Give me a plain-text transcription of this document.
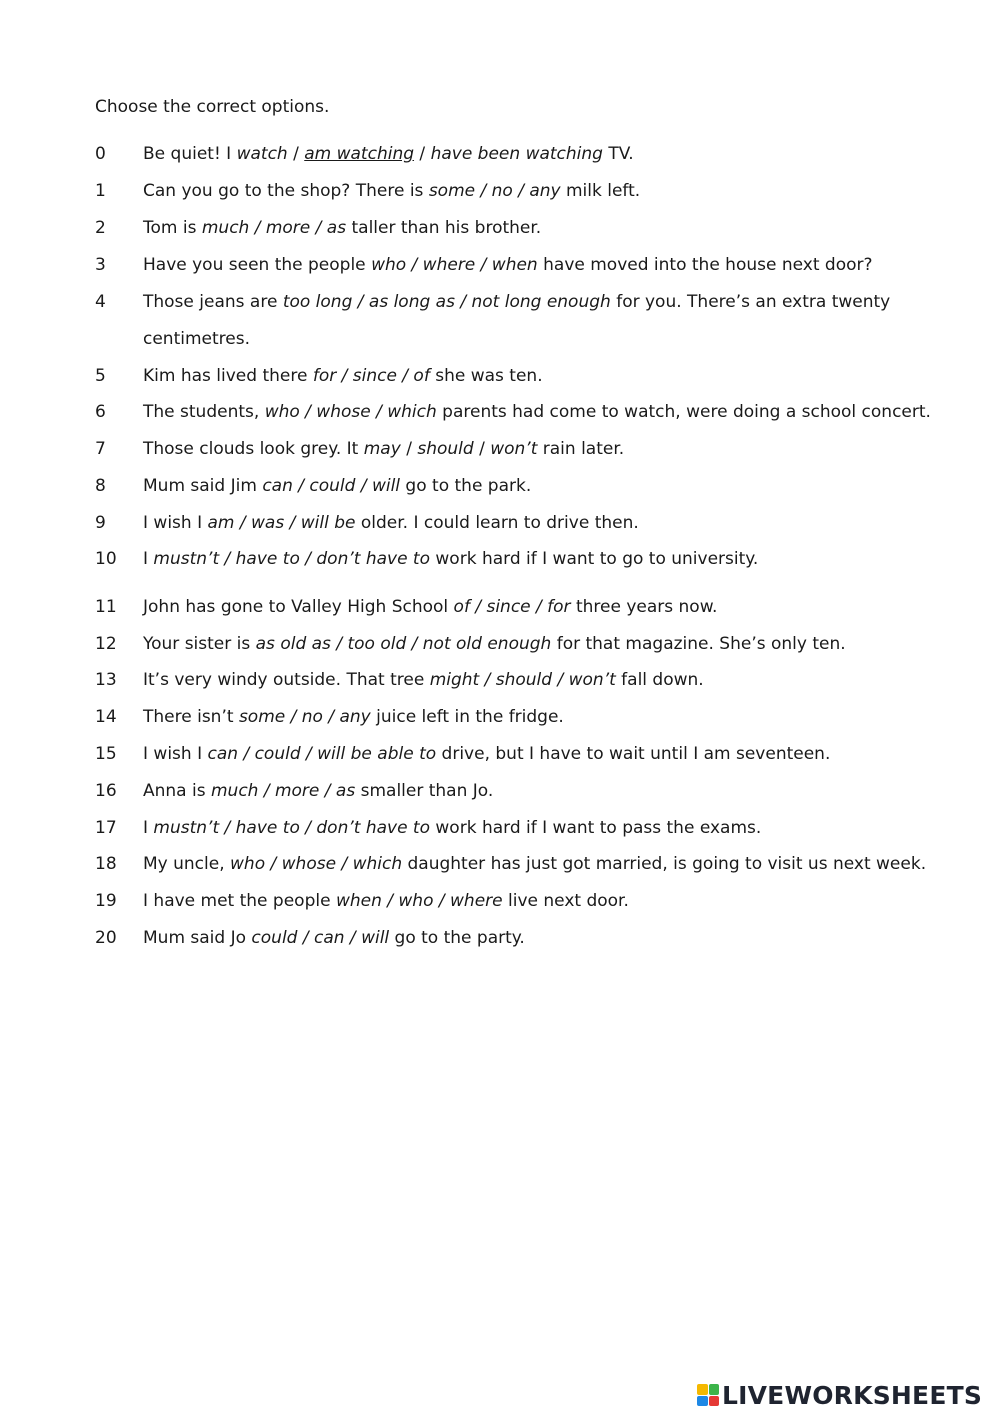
Choose the correct options.
0 Be quiet! I watch / am watching / have been watching TV.
1 Can you go to the shop? There is some / no / any milk left.
2 Tom is much / more / as taller than his brother.
3 Have you seen the people who / where / when have moved into the house next door?
4 Those jeans are too long / as long as / not long enough for you. There’s an extra twenty
centimetres.
5 Kim has lived there for / since / of she was ten.
6 The students, who / whose / which parents had come to watch, were doing a school concert.
7 Those clouds look grey. It may / should / won’t rain later.
8 Mum said Jim can / could / will go to the park.
9 I wish I am / was / will be older. I could learn to drive then.
10 I mustn’t / have to / don’t have to work hard if I want to go to university.
11 John has gone to Valley High School of / since / for three years now.
12 Your sister is as old as / too old / not old enough for that magazine. She’s only ten.
13 It’s very windy outside. That tree might / should / won’t fall down.
14 There isn’t some / no / any juice left in the fridge.
15 I wish I can / could / will be able to drive, but I have to wait until I am seventeen.
16 Anna is much / more / as smaller than Jo.
17 I mustn’t / have to / don’t have to work hard if I want to pass the exams.
18 My uncle, who / whose / which daughter has just got married, is going to visit us next week.
19 I have met the people when / who / where live next door.
20 Mum said Jo could / can / will go to the party.
LIVEWORKSHEETS
